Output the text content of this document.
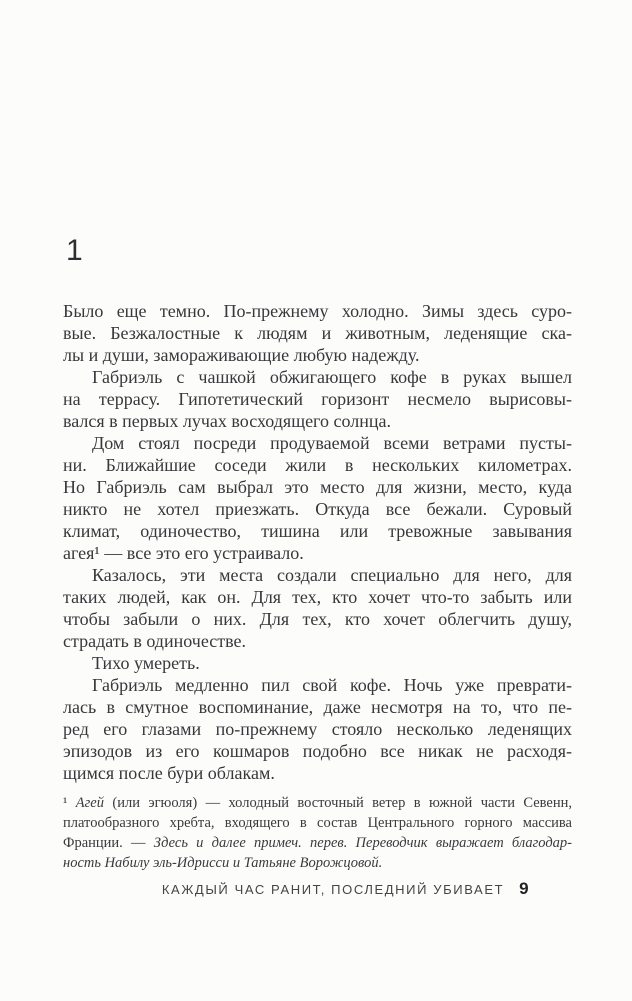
1
Было еще темно. По-прежнему холодно. Зимы здесь суро-
вые. Безжалостные к людям и животным, леденящие ска-
лы и души, замораживающие любую надежду.
Габриэль с чашкой обжигающего кофе в руках вышел
на террасу. Гипотетический горизонт несмело вырисовы-
вался в первых лучах восходящего солнца.
Дом стоял посреди продуваемой всеми ветрами пусты-
ни. Ближайшие соседи жили в нескольких километрах.
Но Габриэль сам выбрал это место для жизни, место, куда
никто не хотел приезжать. Откуда все бежали. Суровый
климат, одиночество, тишина или тревожные завывания
агея¹ — все это его устраивало.
Казалось, эти места создали специально для него, для
таких людей, как он. Для тех, кто хочет что-то забыть или
чтобы забыли о них. Для тех, кто хочет облегчить душу,
страдать в одиночестве.
Тихо умереть.
Габриэль медленно пил свой кофе. Ночь уже преврати-
лась в смутное воспоминание, даже несмотря на то, что пе-
ред его глазами по-прежнему стояло несколько леденящих
эпизодов из его кошмаров подобно все никак не расходя-
щимся после бури облакам.
¹ Агей (или эгюоля) — холодный восточный ветер в южной части Севенн,
платообразного хребта, входящего в состав Центрального горного массива
Франции. — Здесь и далее примеч. перев. Переводчик выражает благодар-
ность Набилу эль-Идрисси и Татьяне Ворожцовой.
КАЖДЫЙ ЧАС РАНИТ, ПОСЛЕДНИЙ УБИВАЕТ 9
